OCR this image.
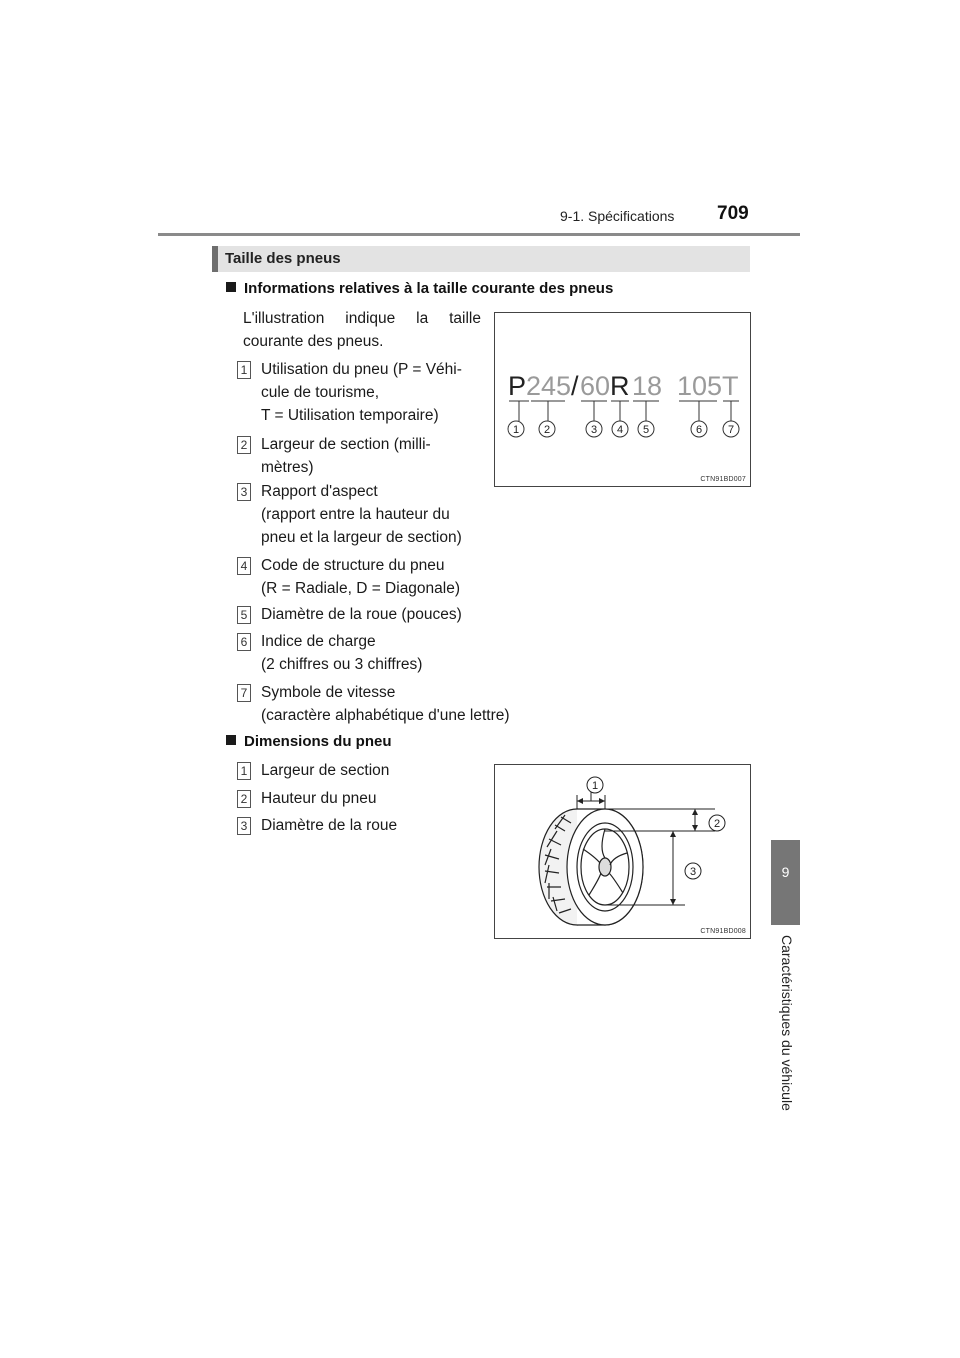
9-1. Spécifications 709
9
Caractéristiques du véhicule
Taille des pneus
Informations relatives à la taille courante des pneus
L'illustration indique la taille courante des pneus.
1 Utilisation du pneu (P = Véhi-
cule de tourisme,
T = Utilisation temporaire)
2 Largeur de section (milli-
mètres)
3 Rapport d'aspect
(rapport entre la hauteur du
pneu et la largeur de section)
4 Code de structure du pneu
(R = Radiale, D = Diagonale)
5 Diamètre de la roue (pouces)
6 Indice de charge
(2 chiffres ou 3 chiffres)
7 Symbole de vitesse
(caractère alphabétique d'une lettre)
P 245 / 60 R 18 105T
1 2	3 4 5	6 7
CTN91BD007
Dimensions du pneu
1 Largeur de section
2 Hauteur du pneu
3 Diamètre de la roue
1
2
3
CTN91BD008
